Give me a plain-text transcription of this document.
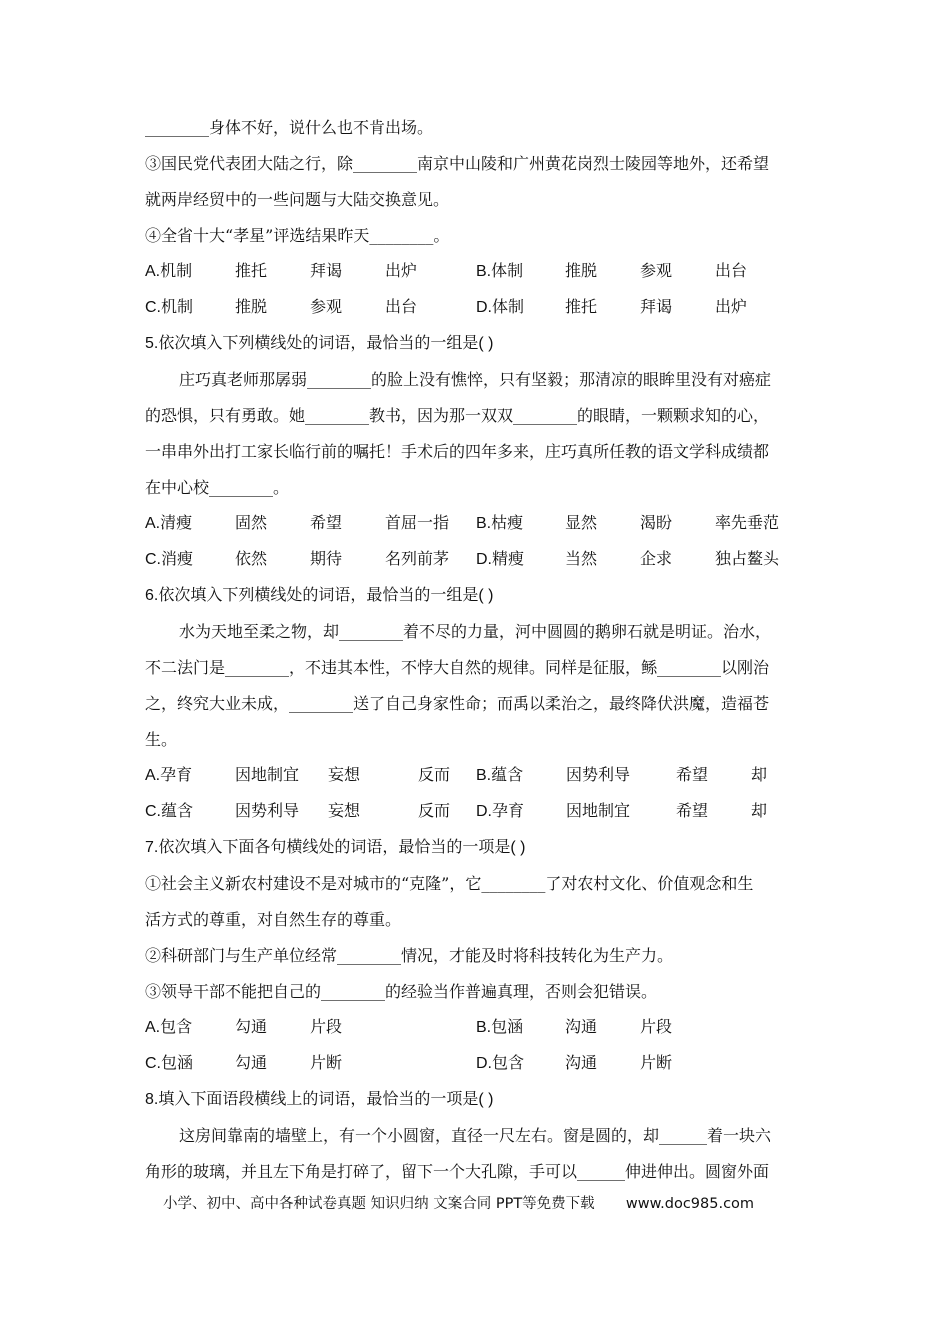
________身体不好，说什么也不肯出场。
③国民党代表团大陆之行，除________南京中山陵和广州黄花岗烈士陵园等地外，还希望
就两岸经贸中的一些问题与大陆交换意见。
④全省十大“孝星”评选结果昨天________。
A.机制	推托	拜谒	出炉	B.体制	推脱	参观	出台
C.机制	推脱	参观	出台	D.体制	推托	拜谒	出炉
5.依次填入下列横线处的词语，最恰当的一组是( )
庄巧真老师那孱弱________的脸上没有憔悴，只有坚毅；那清凉的眼眸里没有对癌症
的恐惧，只有勇敢。她________教书，因为那一双双________的眼睛，一颗颗求知的心，
一串串外出打工家长临行前的嘱托！手术后的四年多来，庄巧真所任教的语文学科成绩都
在中心校________。
A.清瘦	固然	希望	首屈一指	B.枯瘦	显然	渴盼	率先垂范
C.消瘦	依然	期待	名列前茅	D.精瘦	当然	企求	独占鳌头
6.依次填入下列横线处的词语，最恰当的一组是( )
水为天地至柔之物，却________着不尽的力量，河中圆圆的鹅卵石就是明证。治水，
不二法门是________，不违其本性，不悖大自然的规律。同样是征服，鲧________以刚治
之，终究大业未成，________送了自己身家性命；而禹以柔治之，最终降伏洪魔，造福苍
生。
A.孕育	因地制宜	妄想	反而	B.蕴含	因势利导	希望	却
C.蕴含	因势利导	妄想	反而	D.孕育	因地制宜	希望	却
7.依次填入下面各句横线处的词语，最恰当的一项是( )
①社会主义新农村建设不是对城市的“克隆”，它________了对农村文化、价值观念和生
活方式的尊重，对自然生存的尊重。
②科研部门与生产单位经常________情况，才能及时将科技转化为生产力。
③领导干部不能把自己的________的经验当作普遍真理，否则会犯错误。
A.包含	勾通	片段	B.包涵	沟通	片段
C.包涵	勾通	片断	D.包含	沟通	片断
8.填入下面语段横线上的词语，最恰当的一项是( )
这房间靠南的墙壁上，有一个小圆窗，直径一尺左右。窗是圆的，却______着一块六
角形的玻璃，并且左下角是打碎了，留下一个大孔隙，手可以______伸进伸出。圆窗外面
小学、初中、高中各种试卷真题 知识归纳 文案合同 PPT等免费下载 www.doc985.com
